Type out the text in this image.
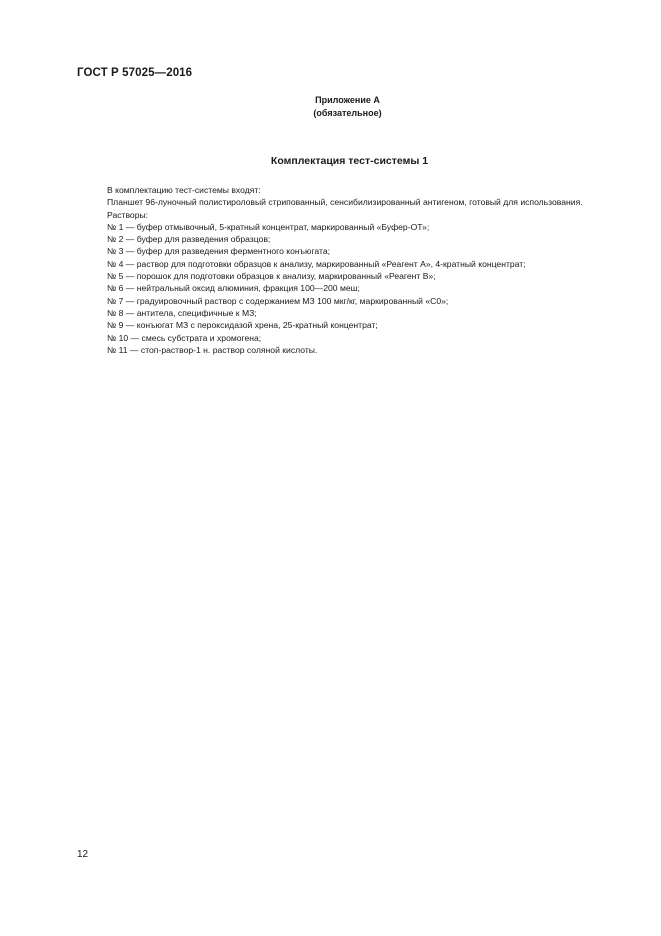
ГОСТ Р 57025—2016
Приложение А
(обязательное)
Комплектация тест-системы 1

В комплектацию тест-системы входят:

Планшет 96-луночный полистироловый стрипованный, сенсибилизированный антигеном, готовый для использования.

Растворы:

№ 1 — буфер отмывочный, 5-кратный концентрат, маркированный «Буфер-ОТ»;

№ 2 — буфер для разведения образцов;

№ 3 — буфер для разведения ферментного конъюгата;

№ 4 — раствор для подготовки образцов к анализу, маркированный «Реагент А», 4-кратный концентрат;

№ 5 — порошок для подготовки образцов к анализу, маркированный «Реагент В»;

№ 6 — нейтральный оксид алюминия, фракция 100—200 меш;

№ 7 — градуировочный раствор с содержанием МЗ 100 мкг/кг, маркированный «C0»;

№ 8 — антитела, специфичные к МЗ;

№ 9 — конъюгат МЗ с пероксидазой хрена, 25-кратный концентрат;

№ 10 — смесь субстрата и хромогена;

№ 11 — стоп-раствор-1 н. раствор соляной кислоты.

12
